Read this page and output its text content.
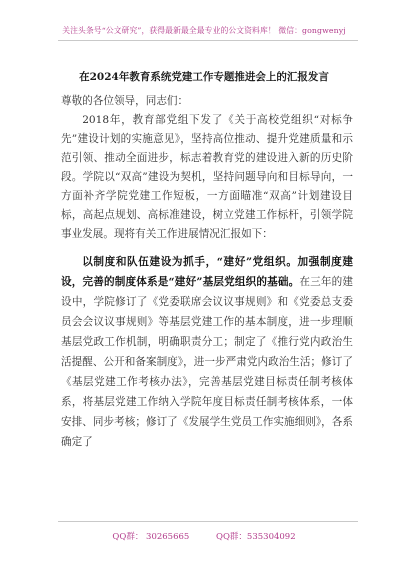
关注头条号“公文研究”，获得最新最全最专业的公文资料库！ 微信：gongwenyj
在2024年教育系统党建工作专题推进会上的汇报发言

尊敬的各位领导，同志们：

2018年，教育部党组下发了《关于高校党组织“对标争先”建设计划的实施意见》，坚持高位推动、提升党建质量和示范引领、推动全面进步，标志着教育党的建设进入新的历史阶段。学院以“双高”建设为契机，坚持问题导向和目标导向，一方面补齐学院党建工作短板，一方面瞄准“双高”计划建设目标，高起点规划、高标准建设，树立党建工作标杆，引领学院事业发展。现将有关工作进展情况汇报如下：

以制度和队伍建设为抓手，“建好”党组织。加强制度建设，完善的制度体系是“建好”基层党组织的基础。在三年的建设中，学院修订了《党委联席会议议事规则》和《党委总支委员会会议议事规则》等基层党建工作的基本制度，进一步理顺基层党政工作机制，明确职责分工；制定了《推行党内政治生活提醒、公开和备案制度》，进一步严肃党内政治生活；修订了《基层党建工作考核办法》，完善基层党建目标责任制考核体系，将基层党建工作纳入学院年度目标责任制考核体系，一体安排、同步考核；修订了《发展学生党员工作实施细则》，各系确定了

QQ群： 30265665	QQ群：535304092
